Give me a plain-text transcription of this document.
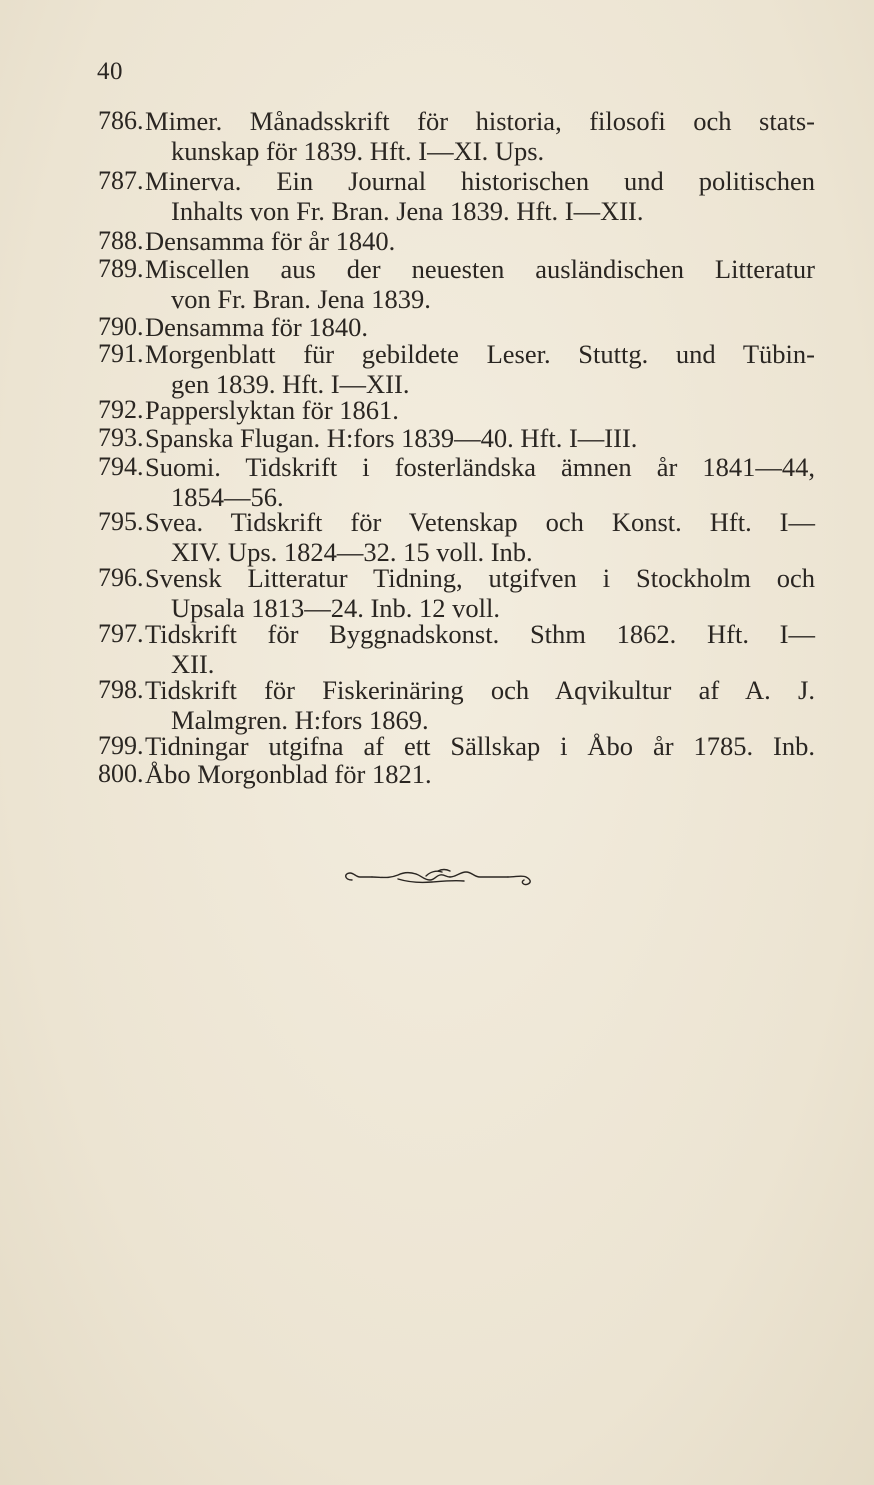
40
786. Mimer. Månadsskrift för historia, filosofi och stats-
kunskap för 1839. Hft. I—XI. Ups.
787. Minerva. Ein Journal historischen und politischen
Inhalts von Fr. Bran. Jena 1839. Hft. I—XII.
788. Densamma för år 1840.
789. Miscellen aus der neuesten ausländischen Litteratur
von Fr. Bran. Jena 1839.
790. Densamma för 1840.
791. Morgenblatt für gebildete Leser. Stuttg. und Tübin-
gen 1839. Hft. I—XII.
792. Papperslyktan för 1861.
793. Spanska Flugan. H:fors 1839—40. Hft. I—III.
794. Suomi. Tidskrift i fosterländska ämnen år 1841—44,
1854—56.
795. Svea. Tidskrift för Vetenskap och Konst. Hft. I—
XIV. Ups. 1824—32. 15 voll. Inb.
796. Svensk Litteratur Tidning, utgifven i Stockholm och
Upsala 1813—24. Inb. 12 voll.
797. Tidskrift för Byggnadskonst. Sthm 1862. Hft. I—
XII.
798. Tidskrift för Fiskerinäring och Aqvikultur af A. J.
Malmgren. H:fors 1869.
799. Tidningar utgifna af ett Sällskap i Åbo år 1785. Inb.
800. Åbo Morgonblad för 1821.
